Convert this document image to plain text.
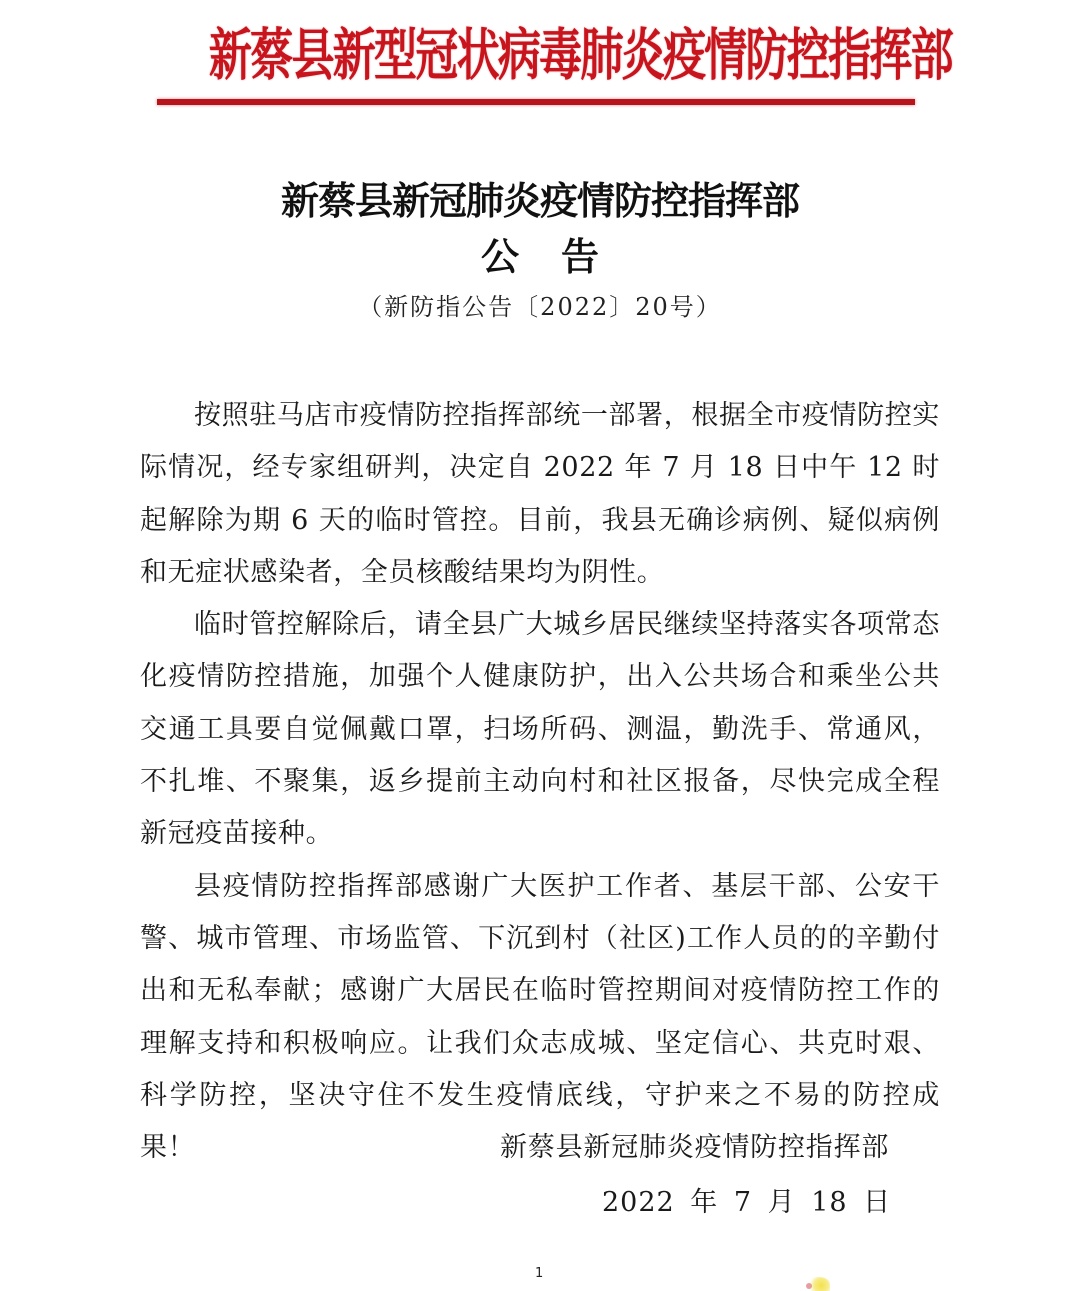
新蔡县新型冠状病毒肺炎疫情防控指挥部
新蔡县新冠肺炎疫情防控指挥部
公告
（新防指公告〔2022〕20号）

按照驻马店市疫情防控指挥部统一部署，根据全市疫情防控实际情况，经专家组研判，决定自 2022 年 7 月 18 日中午 12 时起解除为期 6 天的临时管控。目前，我县无确诊病例、疑似病例和无症状感染者，全员核酸结果均为阴性。

临时管控解除后，请全县广大城乡居民继续坚持落实各项常态化疫情防控措施，加强个人健康防护，出入公共场合和乘坐公共交通工具要自觉佩戴口罩，扫场所码、测温，勤洗手、常通风，不扎堆、不聚集，返乡提前主动向村和社区报备，尽快完成全程新冠疫苗接种。

县疫情防控指挥部感谢广大医护工作者、基层干部、公安干警、城市管理、市场监管、下沉到村（社区)工作人员的的辛勤付出和无私奉献；感谢广大居民在临时管控期间对疫情防控工作的理解支持和积极响应。让我们众志成城、坚定信心、共克时艰、科学防控，坚决守住不发生疫情底线，守护来之不易的防控成果！	新蔡县新冠肺炎疫情防控指挥部
2022 年 7 月 18 日
1
